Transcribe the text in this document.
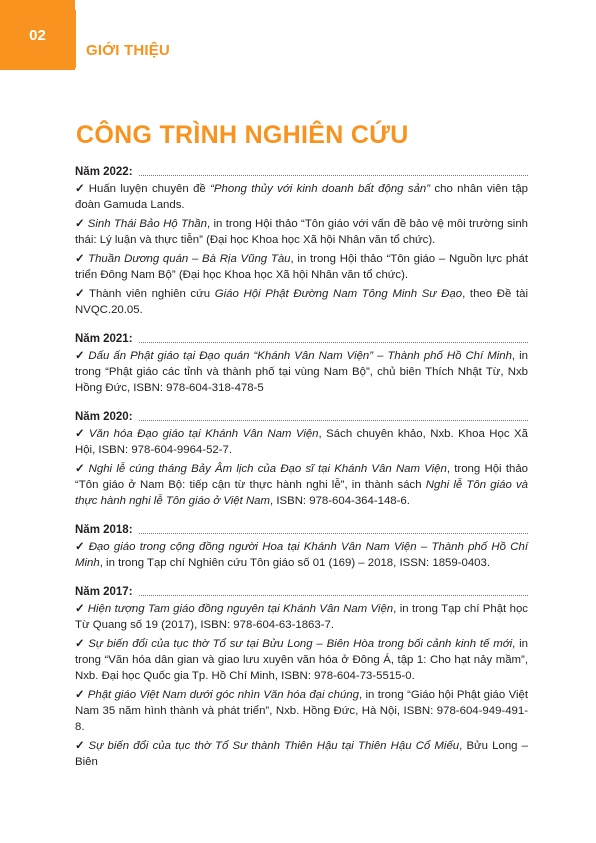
02
GIỚI THIỆU
CÔNG TRÌNH NGHIÊN CỨU
Năm 2022:

✓ Huấn luyện chuyên đề “Phong thủy với kinh doanh bất động sản” cho nhân viên tập đoàn Gamuda Lands.

✓ Sinh Thái Bảo Hộ Thần, in trong Hội thảo “Tôn giáo với vấn đề bảo vệ môi trường sinh thái: Lý luận và thực tiễn” (Đại học Khoa học Xã hội Nhân văn tổ chức).

✓ Thuần Dương quán – Bà Rịa Vũng Tàu, in trong Hội thảo “Tôn giáo – Nguồn lực phát triển Đông Nam Bộ” (Đại học Khoa học Xã hội Nhân văn tổ chức).

✓ Thành viên nghiên cứu Giáo Hội Phật Đường Nam Tông Minh Sư Đạo, theo Đề tài NVQC.20.05.

Năm 2021:

✓ Dấu ấn Phật giáo tại Đạo quán “Khánh Vân Nam Viện” – Thành phố Hồ Chí Minh, in trong “Phật giáo các tỉnh và thành phố tại vùng Nam Bộ”, chủ biên Thích Nhật Từ, Nxb Hồng Đức, ISBN: 978-604-318-478-5

Năm 2020:

✓ Văn hóa Đạo giáo tại Khánh Vân Nam Viện, Sách chuyên khảo, Nxb. Khoa Học Xã Hội, ISBN: 978-604-9964-52-7.

✓ Nghi lễ cúng tháng Bảy Âm lịch của Đạo sĩ tại Khánh Vân Nam Viện, trong Hội thảo “Tôn giáo ở Nam Bộ: tiếp cận từ thực hành nghi lễ”, in thành sách Nghi lễ Tôn giáo và thực hành nghi lễ Tôn giáo ở Việt Nam, ISBN: 978-604-364-148-6.

Năm 2018:

✓ Đạo giáo trong cộng đồng người Hoa tại Khánh Vân Nam Viện – Thành phố Hồ Chí Minh, in trong Tạp chí Nghiên cứu Tôn giáo số 01 (169) – 2018, ISSN: 1859-0403.

Năm 2017:

✓ Hiện tượng Tam giáo đồng nguyên tại Khánh Vân Nam Viện, in trong Tạp chí Phật học Từ Quang số 19 (2017), ISBN: 978-604-63-1863-7.

✓ Sự biến đổi của tục thờ Tổ sư tại Bửu Long – Biên Hòa trong bối cảnh kinh tế mới, in trong “Văn hóa dân gian và giao lưu xuyên văn hóa ở Đông Á, tập 1: Cho hạt nảy mầm”, Nxb. Đại học Quốc gia Tp. Hồ Chí Minh, ISBN: 978-604-73-5515-0.

✓ Phật giáo Việt Nam dưới góc nhìn Văn hóa đại chúng, in trong “Giáo hội Phật giáo Việt Nam 35 năm hình thành và phát triển”, Nxb. Hồng Đức, Hà Nội, ISBN: 978-604-949-491-8.

✓ Sự biến đổi của tục thờ Tổ Sư thành Thiên Hậu tại Thiên Hậu Cổ Miếu, Bửu Long – Biên
